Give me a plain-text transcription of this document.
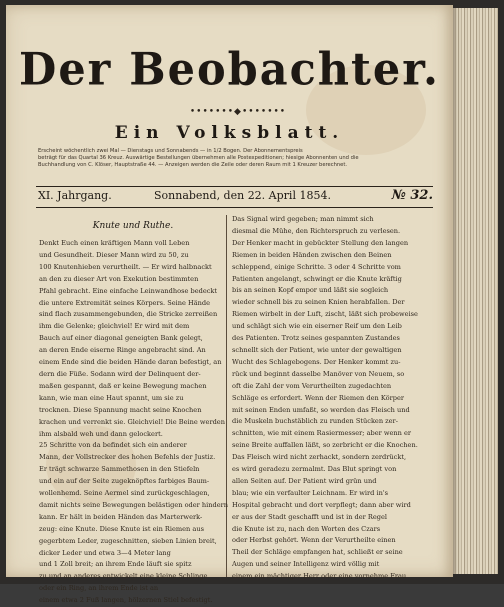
Der Beobachter.
•••••••◆•••••••
Ein Volksblatt.
Erscheint wöchentlich zwei Mal — Dienstags und Sonnabends — in 1/2 Bogen. Der Abonnementspreis
beträgt für das Quartal 36 Kreuz. Auswärtige Bestellungen übernehmen alle Postexpeditionen; hiesige Abonnenten und die
Buchhandlung von C. Klöser, Hauptstraße 44. — Anzeigen werden die Zeile oder deren Raum mit 1 Kreuzer berechnet.
XI. Jahrgang.	Sonnabend, den 22. April 1854.	№ 32.
Knute und Ruthe.
Denkt Euch einen kräftigen Mann voll Leben
und Gesundheit. Dieser Mann wird zu 50, zu
100 Knutenhieben verurtheilt. — Er wird halbnackt
an den zu dieser Art von Exekution bestimmten
Pfahl gebracht. Eine einfache Leinwandhose bedeckt
die untere Extremität seines Körpers. Seine Hände
sind flach zusammengebunden, die Stricke zerreißen
ihm die Gelenke; gleichviel! Er wird mit dem
Bauch auf einer diagonal geneigten Bank gelegt,
an deren Ende eiserne Ringe angebracht sind. An
einem Ende sind die beiden Hände daran befestigt, an
dern die Füße. Sodann wird der Delinquent der-
maßen gespannt, daß er keine Bewegung machen
kann, wie man eine Haut spannt, um sie zu
trocknen. Diese Spannung macht seine Knochen
krachen und verrenkt sie. Gleichviel! Die Beine werden
ihm alsbald weh und dann gelockert.
25 Schritte von da befindet sich ein anderer
Mann, der Vollstrecker des hohen Befehls der Justiz.
Er trägt schwarze Sammethosen in den Stiefeln
und ein auf der Seite zugeknöpftes farbiges Baum-
wollenhemd. Seine Aermel sind zurückgeschlagen,
damit nichts seine Bewegungen belästigen oder hindern
kann. Er hält in beiden Händen das Marterwerk-
zeug: eine Knute. Diese Knute ist ein Riemen aus
gegerbtem Leder, zugeschnitten, sieben Linien breit,
dicker Leder und etwa 3—4 Meter lang
und 1 Zoll breit; an ihrem Ende läuft sie spitz
zu und an anderes entwickelt eine kleine Schlinge
oder ein Ring, an ihrem Ende ist an
einem etwa 2 Fuß langen, hölzernen Stiel befestigt.
Das Signal wird gegeben; man nimmt sich
diesmal die Mühe, den Richterspruch zu verlesen.
Der Henker macht in gebückter Stellung den langen
Riemen in beiden Händen zwischen den Beinen
schleppend, einige Schritte. 3 oder 4 Schritte vom
Patienten angelangt, schwingt er die Knute kräftig
bis an seinen Kopf empor und läßt sie sogleich
wieder schnell bis zu seinen Knien herabfallen. Der
Riemen wirbelt in der Luft, zischt, läßt sich probeweise
und schlägt sich wie ein eiserner Reif um den Leib
des Patienten. Trotz seines gespannten Zustandes
schnellt sich der Patient, wie unter der gewaltigen
Wucht des Schlagebogens. Der Henker kommt zu-
rück und beginnt dasselbe Manöver von Neuem, so
oft die Zahl der vom Verurtheilten zugedachten
Schläge es erfordert. Wenn der Riemen den Körper
mit seinen Enden umfaßt, so werden das Fleisch und
die Muskeln buchstäblich zu runden Stücken zer-
schnitten, wie mit einem Rasiermesser; aber wenn er
seine Breite auffallen läßt, so zerbricht er die Knochen.
Das Fleisch wird nicht zerhackt, sondern zerdrückt,
es wird geradezu zermalmt. Das Blut springt von
allen Seiten auf. Der Patient wird grün und
blau; wie ein verfaulter Leichnam. Er wird in's
Hospital gebracht und dort verpflegt; dann aber wird
er aus der Stadt geschafft und ist in der Regel
die Knute ist zu, nach den Worten des Czars
oder Herbst gehört. Wenn der Verurtheilte einen
Theil der Schläge empfangen hat, schließt er seine
Augen und seiner Intelligenz wird völlig mit
einem ein mächtiger Herr oder eine vornehme Frau
